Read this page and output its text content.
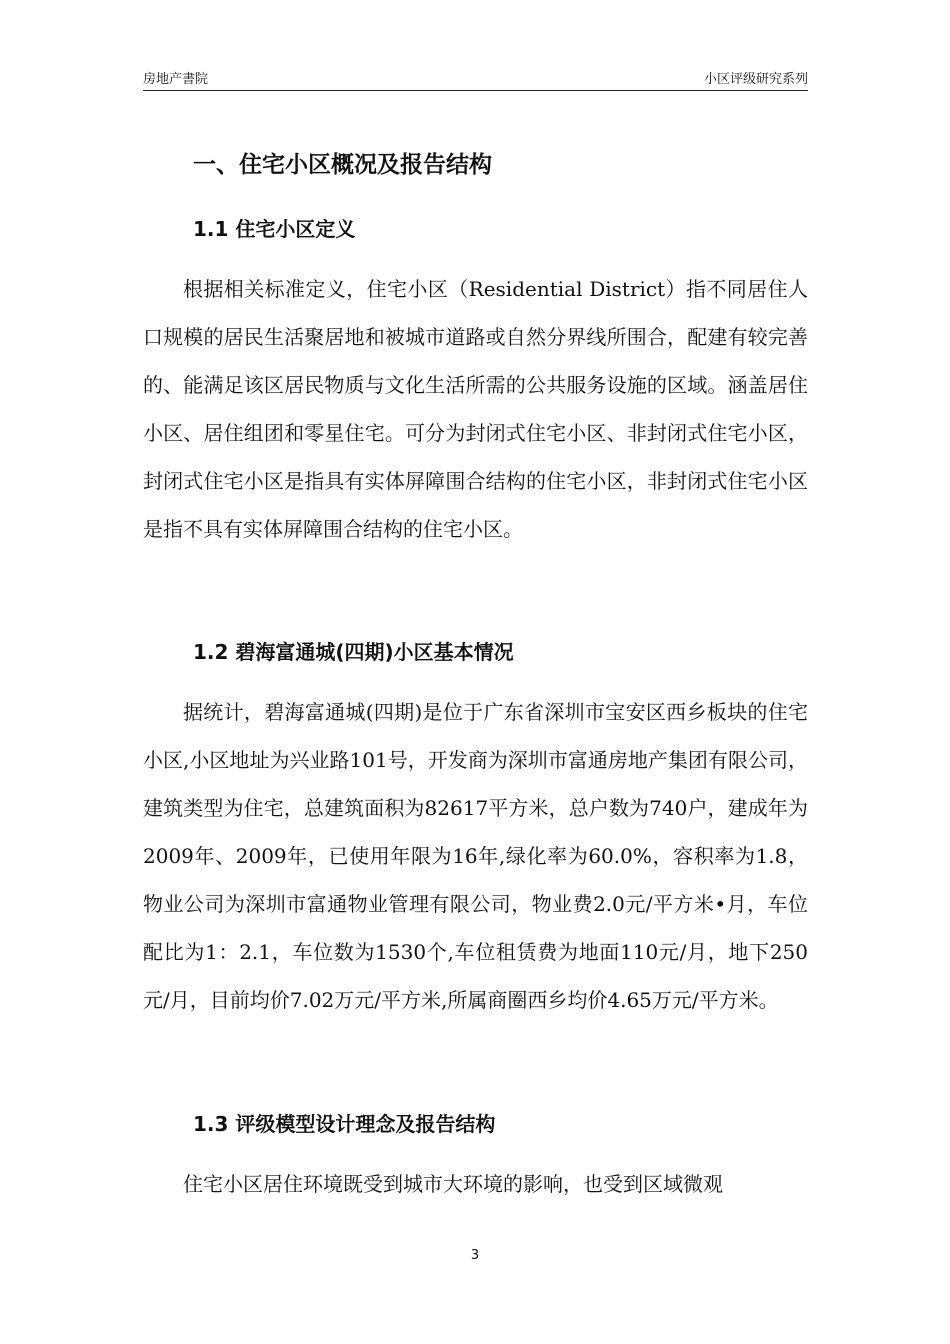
房地产書院	小区评级研究系列
一、住宅小区概况及报告结构
1.1 住宅小区定义

根据相关标准定义，住宅小区（Residential District）指不同居住人口规模的居民生活聚居地和被城市道路或自然分界线所围合，配建有较完善的、能满足该区居民物质与文化生活所需的公共服务设施的区域。涵盖居住小区、居住组团和零星住宅。可分为封闭式住宅小区、非封闭式住宅小区，封闭式住宅小区是指具有实体屏障围合结构的住宅小区，非封闭式住宅小区是指不具有实体屏障围合结构的住宅小区。

1.2 碧海富通城(四期)小区基本情况

据统计，碧海富通城(四期)是位于广东省深圳市宝安区西乡板块的住宅小区,小区地址为兴业路101号，开发商为深圳市富通房地产集团有限公司，建筑类型为住宅，总建筑面积为82617平方米，总户数为740户，建成年为2009年、2009年，已使用年限为16年,绿化率为60.0%，容积率为1.8，物业公司为深圳市富通物业管理有限公司，物业费2.0元/平方米•月，车位配比为1：2.1，车位数为1530个,车位租赁费为地面110元/月，地下250元/月，目前均价7.02万元/平方米,所属商圈西乡均价4.65万元/平方米。

1.3 评级模型设计理念及报告结构

住宅小区居住环境既受到城市大环境的影响，也受到区域微观

3
